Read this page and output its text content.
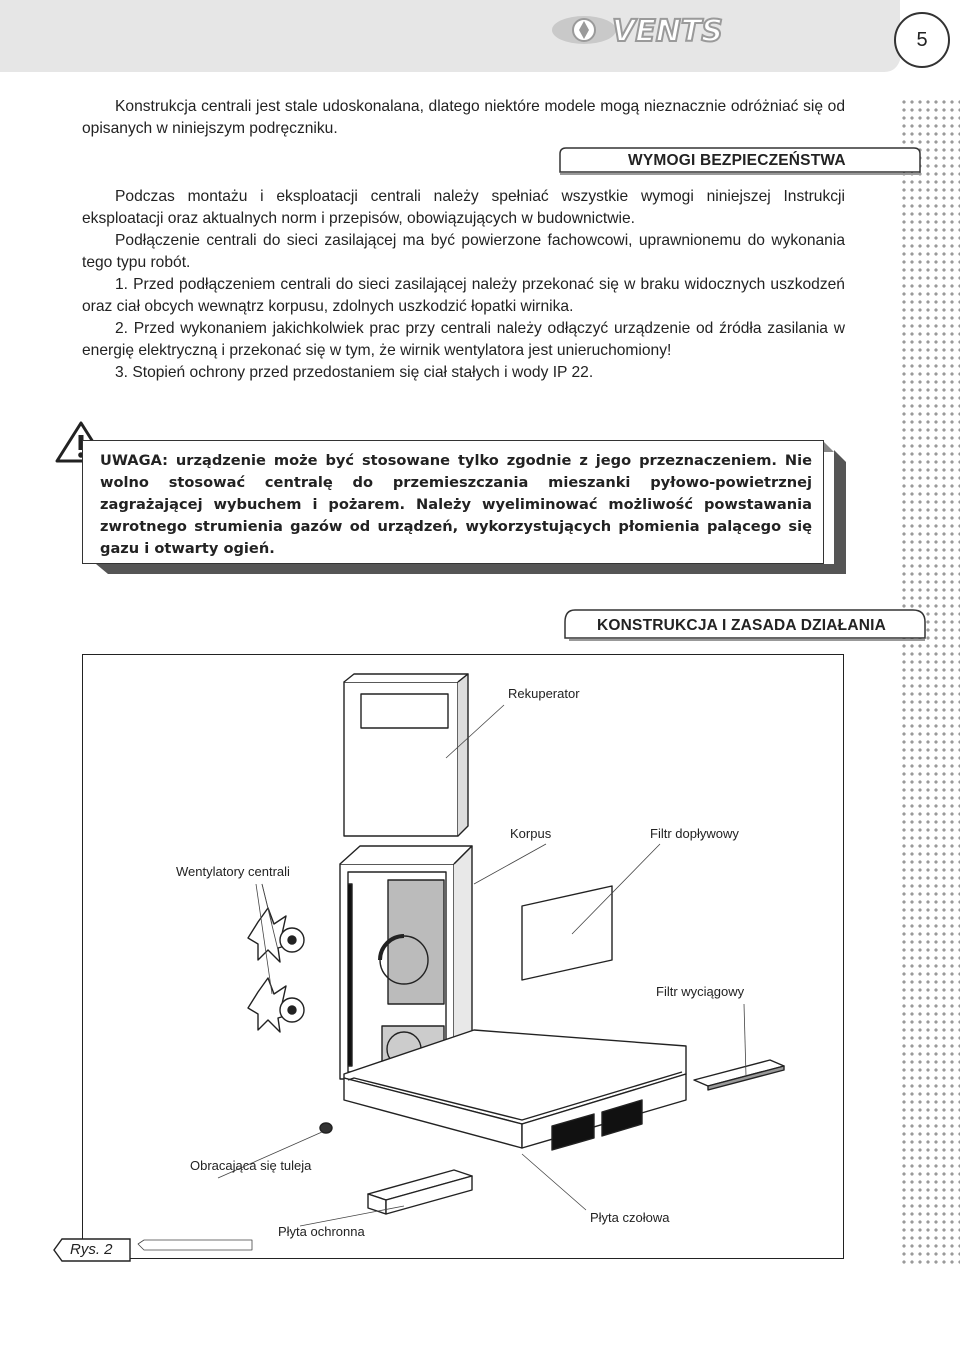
VENTS	5

Konstrukcja centrali jest stale udoskonalana, dlatego niektóre modele mogą nieznacznie odróżniać się od opisanych w niniejszym podręczniku.

WYMOGI BEZPIECZEŃSTWA

Podczas montażu i eksploatacji centrali należy spełniać wszystkie wymogi niniejszej Instrukcji eksploatacji oraz aktualnych norm i przepisów, obowiązujących w budownictwie.

Podłączenie centrali do sieci zasilającej ma być powierzone fachowcowi, uprawnionemu do wykonania tego typu robót.

1. Przed podłączeniem centrali do sieci zasilającej należy przekonać się w braku widocznych uszkodzeń oraz ciał obcych wewnątrz korpusu, zdolnych uszkodzić łopatki wirnika.

2. Przed wykonaniem jakichkolwiek prac przy centrali należy odłączyć urządzenie od źródła zasilania w energię elektryczną i przekonać się w tym, że wirnik wentylatora jest unieruchomiony!

3. Stopień ochrony przed przedostaniem się ciał stałych i wody IP 22.

UWAGA: urządzenie może być stosowane tylko zgodnie z jego przeznaczeniem. Nie wolno stosować centralę do przemieszczania mieszanki pyłowo-powietrznej zagrażającej wybuchem i pożarem. Należy wyeliminować możliwość powstawania zwrotnego strumienia gazów od urządzeń, wykorzystujących płomienia palącego się gazu i otwarty ogień.

KONSTRUKCJA I ZASADA DZIAŁANIA
Rekuperator
Korpus	Filtr dopływowy
Wentylatory centrali
Filtr wyciągowy
Obracająca się tuleja
Płyta czołowa
Płyta ochronna
Rys. 2
